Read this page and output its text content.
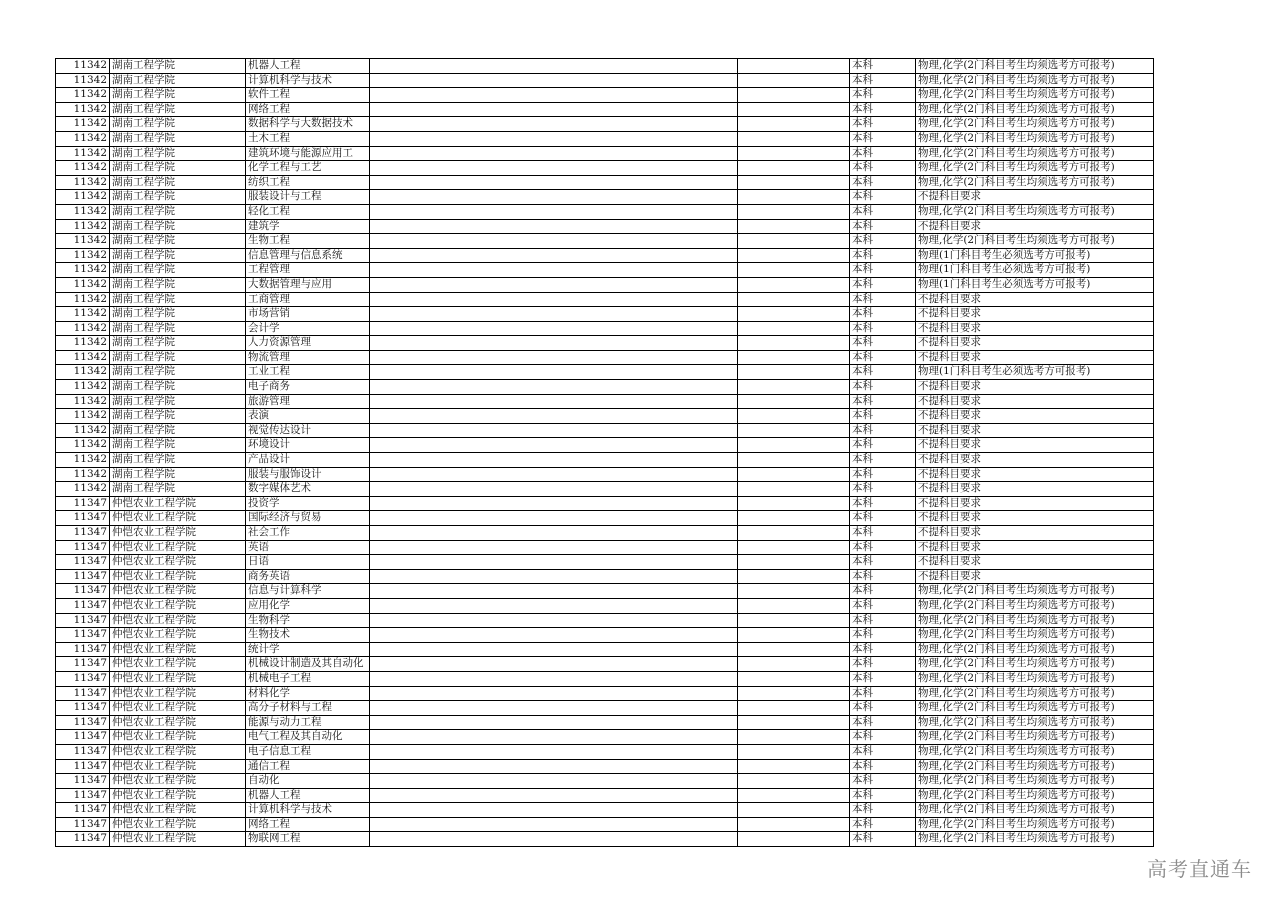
11342	湖南工程学院	机器人工程			本科	物理,化学(2门科目考生均须选考方可报考)
11342	湖南工程学院	计算机科学与技术			本科	物理,化学(2门科目考生均须选考方可报考)
11342	湖南工程学院	软件工程			本科	物理,化学(2门科目考生均须选考方可报考)
11342	湖南工程学院	网络工程			本科	物理,化学(2门科目考生均须选考方可报考)
11342	湖南工程学院	数据科学与大数据技术			本科	物理,化学(2门科目考生均须选考方可报考)
11342	湖南工程学院	土木工程			本科	物理,化学(2门科目考生均须选考方可报考)
11342	湖南工程学院	建筑环境与能源应用工			本科	物理,化学(2门科目考生均须选考方可报考)
11342	湖南工程学院	化学工程与工艺			本科	物理,化学(2门科目考生均须选考方可报考)
11342	湖南工程学院	纺织工程			本科	物理,化学(2门科目考生均须选考方可报考)
11342	湖南工程学院	服装设计与工程			本科	不提科目要求
11342	湖南工程学院	轻化工程			本科	物理,化学(2门科目考生均须选考方可报考)
11342	湖南工程学院	建筑学			本科	不提科目要求
11342	湖南工程学院	生物工程			本科	物理,化学(2门科目考生均须选考方可报考)
11342	湖南工程学院	信息管理与信息系统			本科	物理(1门科目考生必须选考方可报考)
11342	湖南工程学院	工程管理			本科	物理(1门科目考生必须选考方可报考)
11342	湖南工程学院	大数据管理与应用			本科	物理(1门科目考生必须选考方可报考)
11342	湖南工程学院	工商管理			本科	不提科目要求
11342	湖南工程学院	市场营销			本科	不提科目要求
11342	湖南工程学院	会计学			本科	不提科目要求
11342	湖南工程学院	人力资源管理			本科	不提科目要求
11342	湖南工程学院	物流管理			本科	不提科目要求
11342	湖南工程学院	工业工程			本科	物理(1门科目考生必须选考方可报考)
11342	湖南工程学院	电子商务			本科	不提科目要求
11342	湖南工程学院	旅游管理			本科	不提科目要求
11342	湖南工程学院	表演			本科	不提科目要求
11342	湖南工程学院	视觉传达设计			本科	不提科目要求
11342	湖南工程学院	环境设计			本科	不提科目要求
11342	湖南工程学院	产品设计			本科	不提科目要求
11342	湖南工程学院	服装与服饰设计			本科	不提科目要求
11342	湖南工程学院	数字媒体艺术			本科	不提科目要求
11347	仲恺农业工程学院	投资学			本科	不提科目要求
11347	仲恺农业工程学院	国际经济与贸易			本科	不提科目要求
11347	仲恺农业工程学院	社会工作			本科	不提科目要求
11347	仲恺农业工程学院	英语			本科	不提科目要求
11347	仲恺农业工程学院	日语			本科	不提科目要求
11347	仲恺农业工程学院	商务英语			本科	不提科目要求
11347	仲恺农业工程学院	信息与计算科学			本科	物理,化学(2门科目考生均须选考方可报考)
11347	仲恺农业工程学院	应用化学			本科	物理,化学(2门科目考生均须选考方可报考)
11347	仲恺农业工程学院	生物科学			本科	物理,化学(2门科目考生均须选考方可报考)
11347	仲恺农业工程学院	生物技术			本科	物理,化学(2门科目考生均须选考方可报考)
11347	仲恺农业工程学院	统计学			本科	物理,化学(2门科目考生均须选考方可报考)
11347	仲恺农业工程学院	机械设计制造及其自动化			本科	物理,化学(2门科目考生均须选考方可报考)
11347	仲恺农业工程学院	机械电子工程			本科	物理,化学(2门科目考生均须选考方可报考)
11347	仲恺农业工程学院	材料化学			本科	物理,化学(2门科目考生均须选考方可报考)
11347	仲恺农业工程学院	高分子材料与工程			本科	物理,化学(2门科目考生均须选考方可报考)
11347	仲恺农业工程学院	能源与动力工程			本科	物理,化学(2门科目考生均须选考方可报考)
11347	仲恺农业工程学院	电气工程及其自动化			本科	物理,化学(2门科目考生均须选考方可报考)
11347	仲恺农业工程学院	电子信息工程			本科	物理,化学(2门科目考生均须选考方可报考)
11347	仲恺农业工程学院	通信工程			本科	物理,化学(2门科目考生均须选考方可报考)
11347	仲恺农业工程学院	自动化			本科	物理,化学(2门科目考生均须选考方可报考)
11347	仲恺农业工程学院	机器人工程			本科	物理,化学(2门科目考生均须选考方可报考)
11347	仲恺农业工程学院	计算机科学与技术			本科	物理,化学(2门科目考生均须选考方可报考)
11347	仲恺农业工程学院	网络工程			本科	物理,化学(2门科目考生均须选考方可报考)
11347	仲恺农业工程学院	物联网工程			本科	物理,化学(2门科目考生均须选考方可报考)
高考直通车
